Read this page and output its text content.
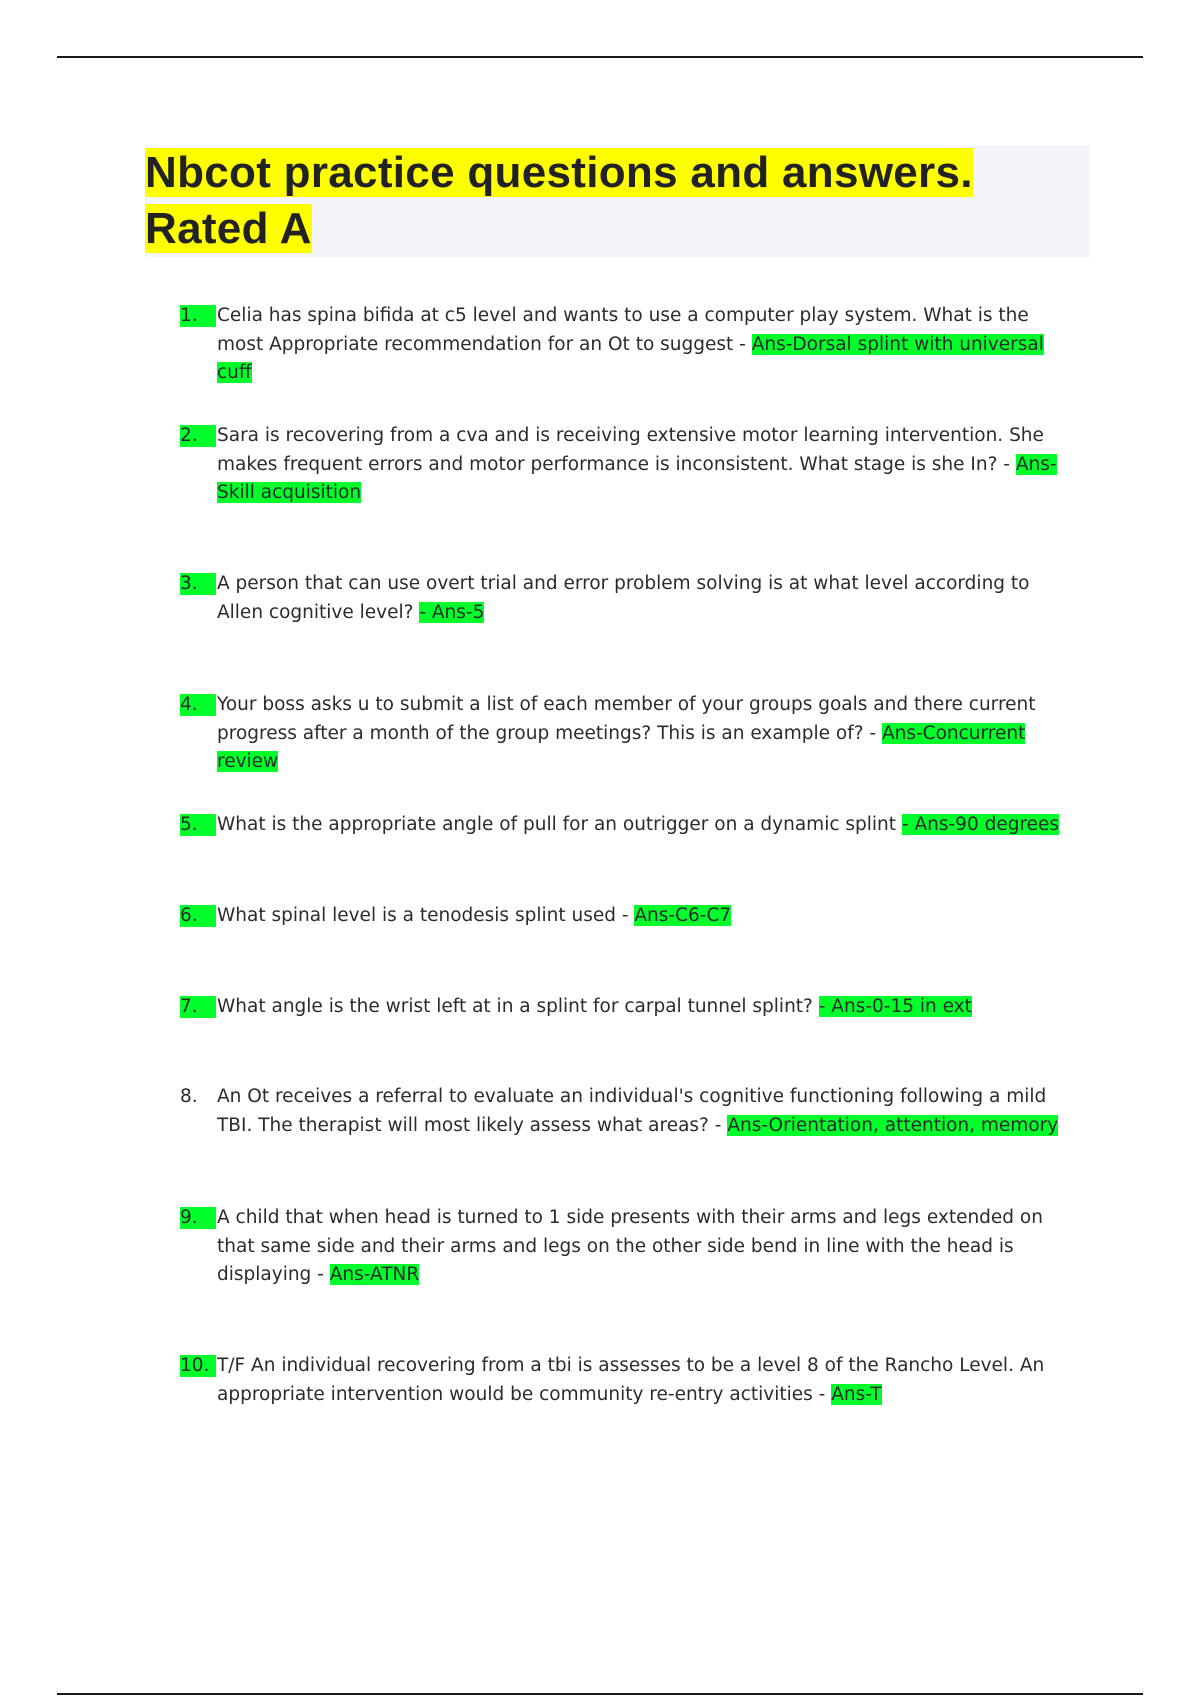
Nbcot practice questions and answers. Rated A
1.	Celia has spina bifida at c5 level and wants to use a computer play system. What is the most Appropriate recommendation for an Ot to suggest - Ans-Dorsal splint with universal cuff
2.	Sara is recovering from a cva and is receiving extensive motor learning intervention. She makes frequent errors and motor performance is inconsistent. What stage is she In? - Ans-Skill acquisition
3.	A person that can use overt trial and error problem solving is at what level according to Allen cognitive level? - Ans-5
4.	Your boss asks u to submit a list of each member of your groups goals and there current progress after a month of the group meetings? This is an example of? - Ans-Concurrent review
5.	What is the appropriate angle of pull for an outrigger on a dynamic splint - Ans-90 degrees
6.	What spinal level is a tenodesis splint used - Ans-C6-C7
7.	What angle is the wrist left at in a splint for carpal tunnel splint? - Ans-0-15 in ext
8.	An Ot receives a referral to evaluate an individual's cognitive functioning following a mild TBI. The therapist will most likely assess what areas? - Ans-Orientation, attention, memory
9.	A child that when head is turned to 1 side presents with their arms and legs extended on that same side and their arms and legs on the other side bend in line with the head is displaying - Ans-ATNR
10. T/F An individual recovering from a tbi is assesses to be a level 8 of the Rancho Level. An appropriate intervention would be community re-entry activities - Ans-T
